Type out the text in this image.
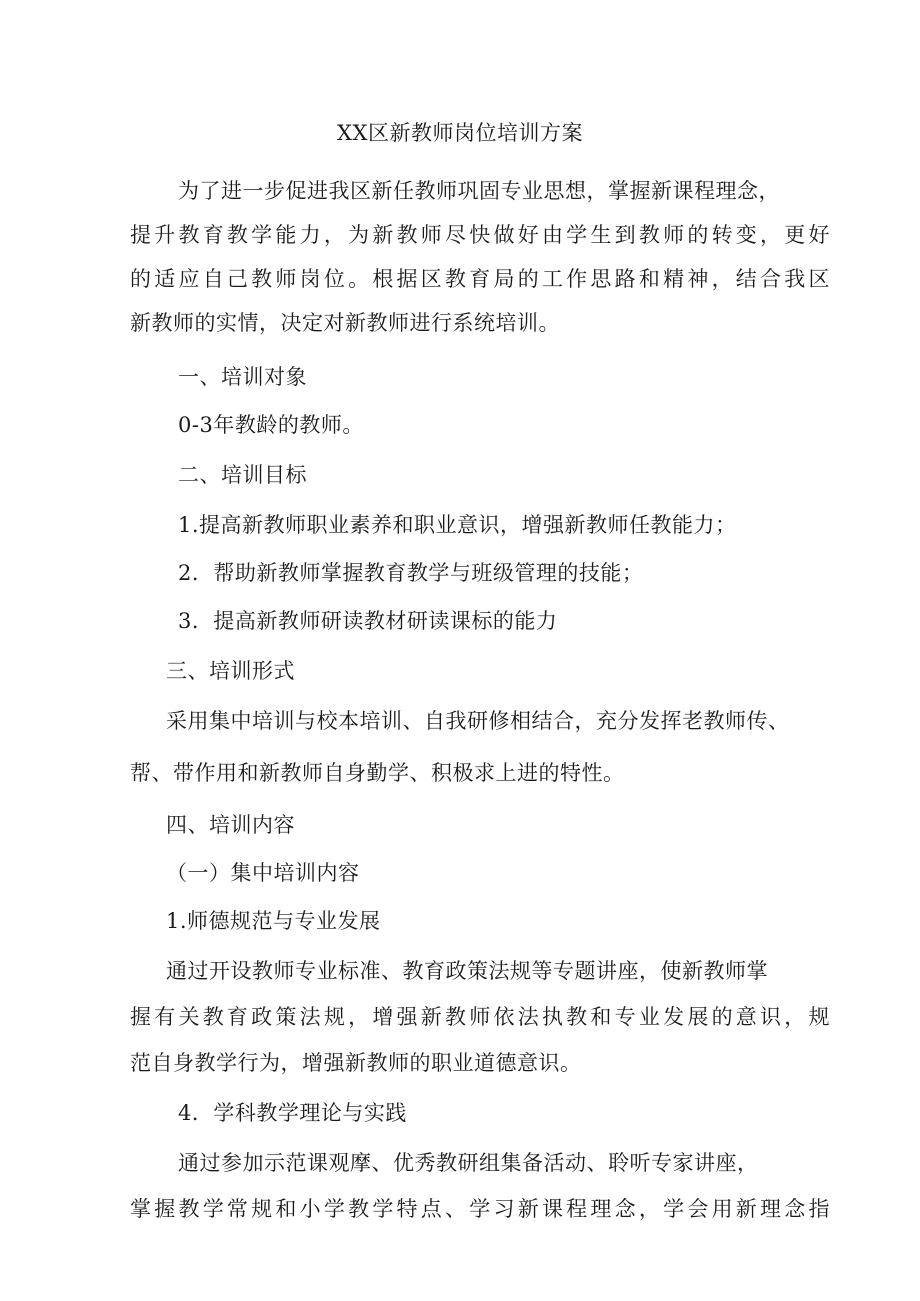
XX区新教师岗位培训方案
为了进一步促进我区新任教师巩固专业思想，掌握新课程理念，
提升教育教学能力，为新教师尽快做好由学生到教师的转变，更好
的适应自己教师岗位。根据区教育局的工作思路和精神，结合我区
新教师的实情，决定对新教师进行系统培训。
一、培训对象
0-3年教龄的教师。
二、培训目标
1.提高新教师职业素养和职业意识，增强新教师任教能力；
2．帮助新教师掌握教育教学与班级管理的技能；
3．提高新教师研读教材研读课标的能力
三、培训形式
采用集中培训与校本培训、自我研修相结合，充分发挥老教师传、
帮、带作用和新教师自身勤学、积极求上进的特性。
四、培训内容
（一）集中培训内容
1.师德规范与专业发展
通过开设教师专业标准、教育政策法规等专题讲座，使新教师掌
握有关教育政策法规，增强新教师依法执教和专业发展的意识，规
范自身教学行为，增强新教师的职业道德意识。
4．学科教学理论与实践
通过参加示范课观摩、优秀教研组集备活动、聆听专家讲座，
掌握教学常规和小学教学特点、学习新课程理念，学会用新理念指
